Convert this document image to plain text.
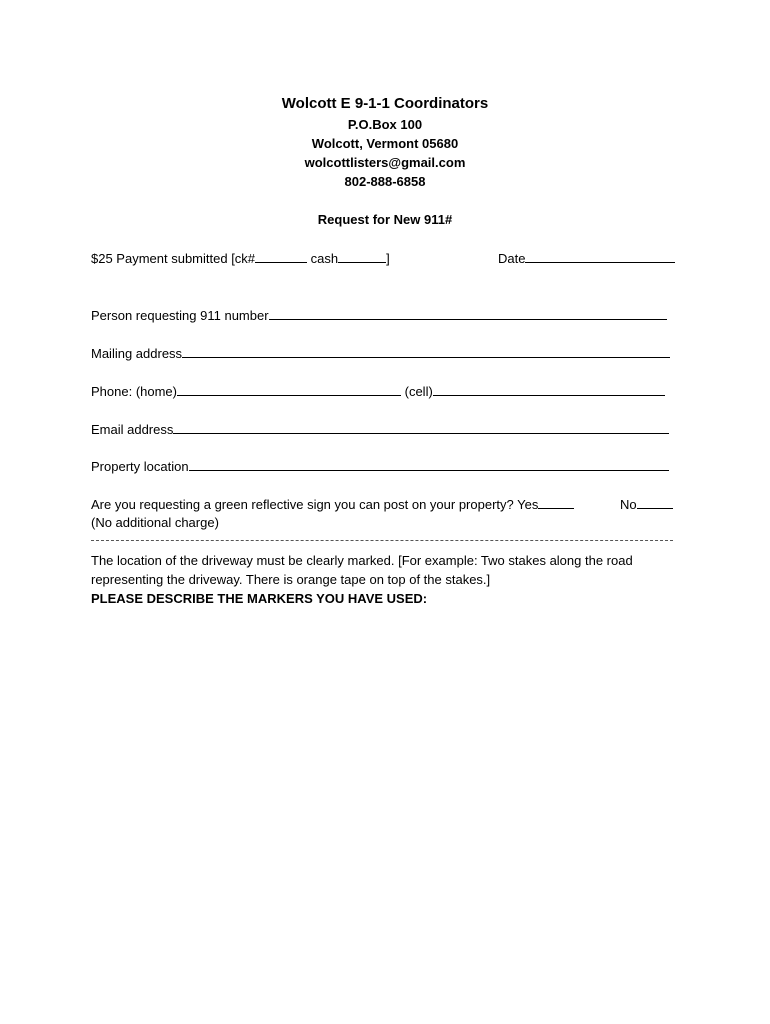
Wolcott E 9-1-1 Coordinators
P.O.Box 100
Wolcott, Vermont 05680
wolcottlisters@gmail.com
802-888-6858
Request for New 911#
$25 Payment submitted [ck#	cash	]	Date
Person requesting 911 number
Mailing address
Phone: (home)	(cell)
Email address
Property location
Are you requesting a green reflective sign you can post on your property? Yes	No
(No additional charge)
The location of the driveway must be clearly marked. [For example: Two stakes along the road representing the driveway. There is orange tape on top of the stakes.]
PLEASE DESCRIBE THE MARKERS YOU HAVE USED:
